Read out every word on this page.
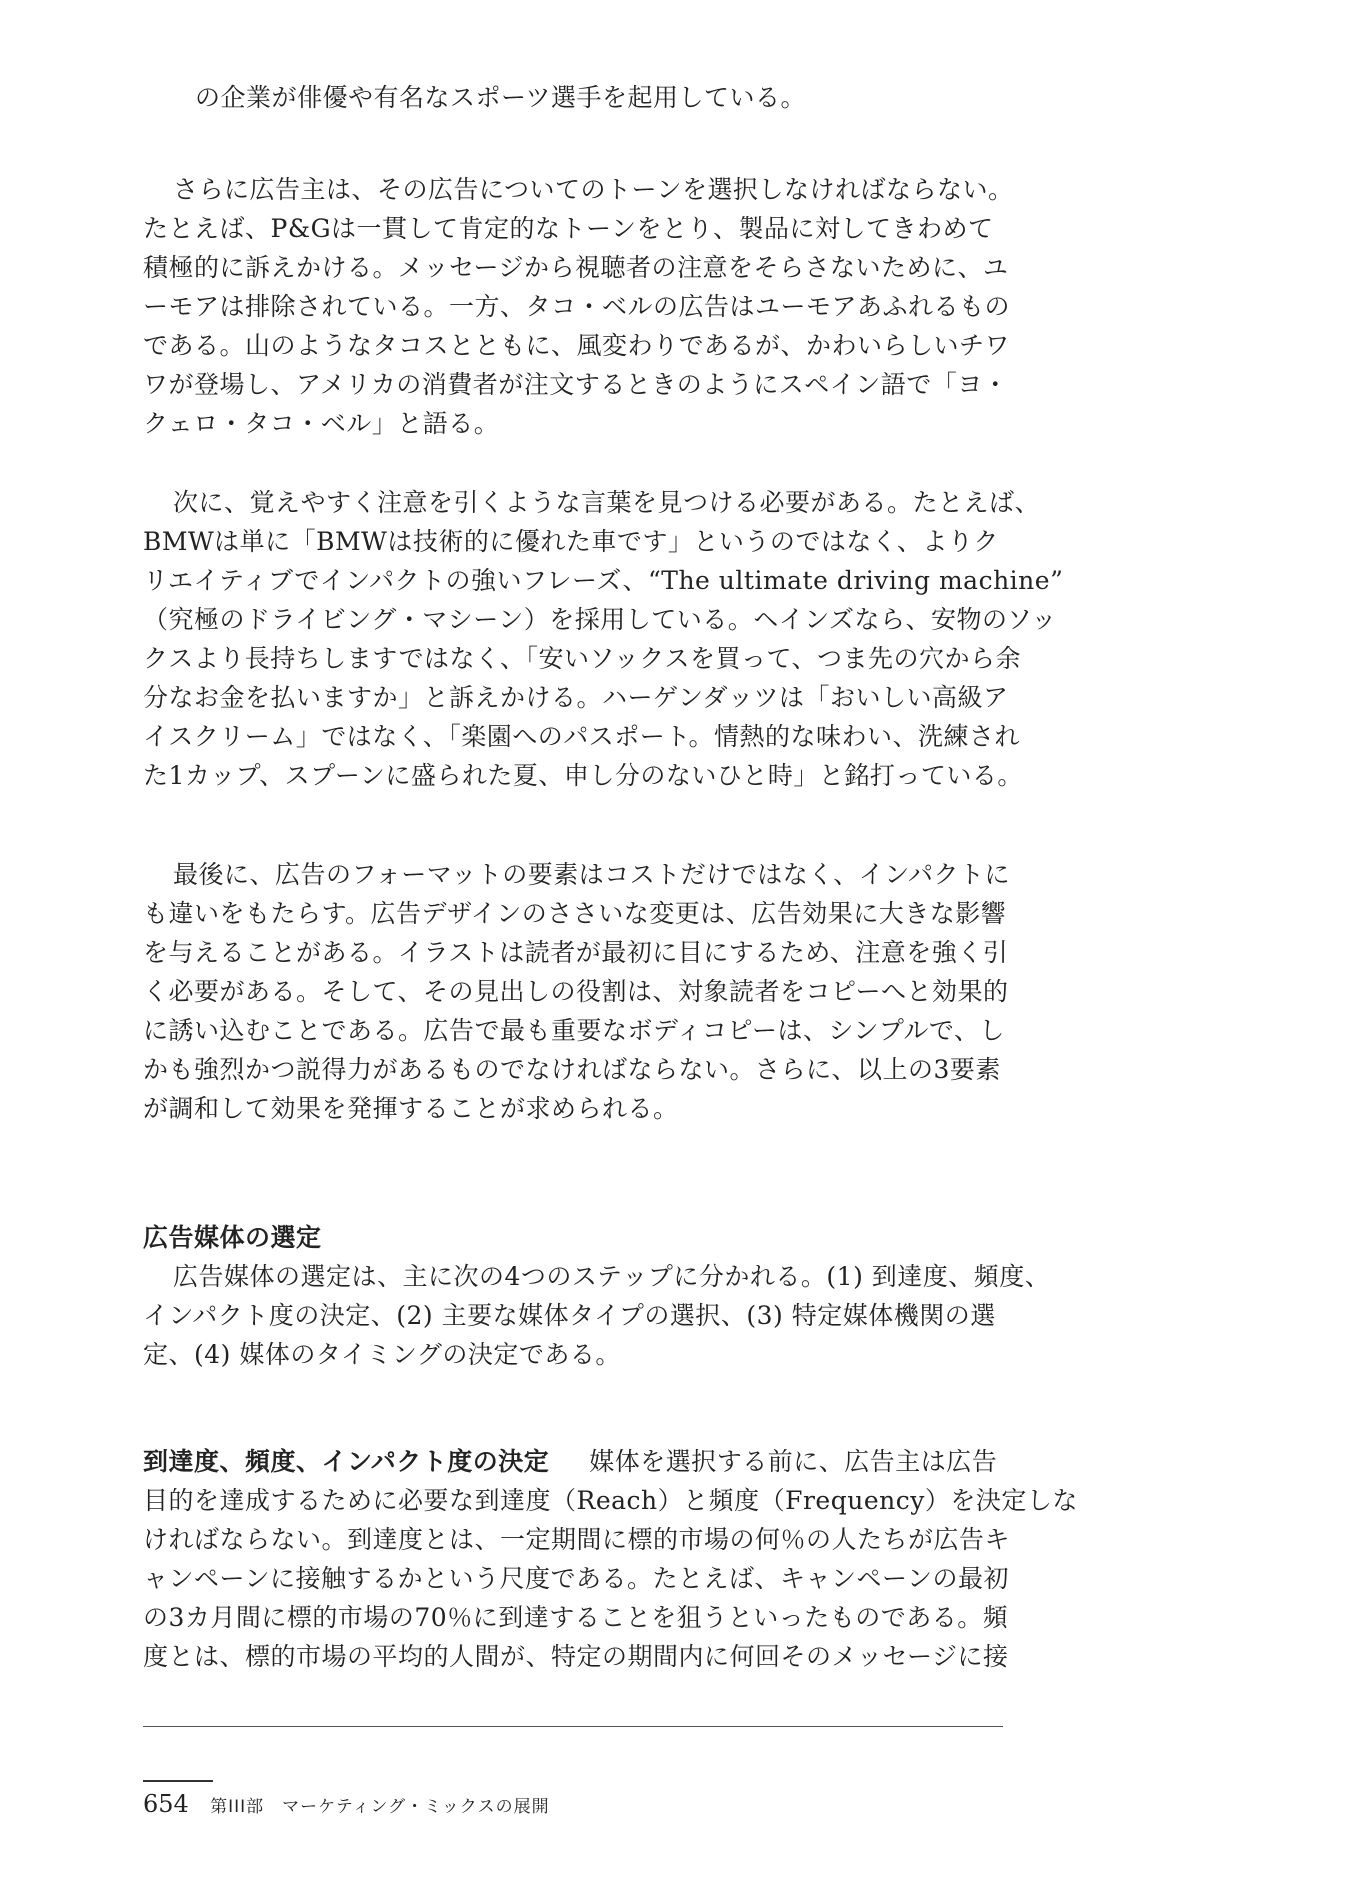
の企業が俳優や有名なスポーツ選手を起用している。
さらに広告主は、その広告についてのトーンを選択しなければならない。
たとえば、P&Gは一貫して肯定的なトーンをとり、製品に対してきわめて
積極的に訴えかける。メッセージから視聴者の注意をそらさないために、ユ
ーモアは排除されている。一方、タコ・ベルの広告はユーモアあふれるもの
である。山のようなタコスとともに、風変わりであるが、かわいらしいチワ
ワが登場し、アメリカの消費者が注文するときのようにスペイン語で「ヨ・
クェロ・タコ・ベル」と語る。
次に、覚えやすく注意を引くような言葉を見つける必要がある。たとえば、
BMWは単に「BMWは技術的に優れた車です」というのではなく、よりク
リエイティブでインパクトの強いフレーズ、“The ultimate driving machine”
（究極のドライビング・マシーン）を採用している。ヘインズなら、安物のソッ
クスより長持ちしますではなく、「安いソックスを買って、つま先の穴から余
分なお金を払いますか」と訴えかける。ハーゲンダッツは「おいしい高級ア
イスクリーム」ではなく、「楽園へのパスポート。情熱的な味わい、洗練され
た1カップ、スプーンに盛られた夏、申し分のないひと時」と銘打っている。
最後に、広告のフォーマットの要素はコストだけではなく、インパクトに
も違いをもたらす。広告デザインのささいな変更は、広告効果に大きな影響
を与えることがある。イラストは読者が最初に目にするため、注意を強く引
く必要がある。そして、その見出しの役割は、対象読者をコピーへと効果的
に誘い込むことである。広告で最も重要なボディコピーは、シンプルで、し
かも強烈かつ説得力があるものでなければならない。さらに、以上の3要素
が調和して効果を発揮することが求められる。
広告媒体の選定
広告媒体の選定は、主に次の4つのステップに分かれる。(1) 到達度、頻度、
インパクト度の決定、(2) 主要な媒体タイプの選択、(3) 特定媒体機関の選
定、(4) 媒体のタイミングの決定である。
到達度、頻度、インパクト度の決定 媒体を選択する前に、広告主は広告
目的を達成するために必要な到達度（Reach）と頻度（Frequency）を決定しな
ければならない。到達度とは、一定期間に標的市場の何％の人たちが広告キ
ャンペーンに接触するかという尺度である。たとえば、キャンペーンの最初
の3カ月間に標的市場の70％に到達することを狙うといったものである。頻
度とは、標的市場の平均的人間が、特定の期間内に何回そのメッセージに接
654 第III部　マーケティング・ミックスの展開
